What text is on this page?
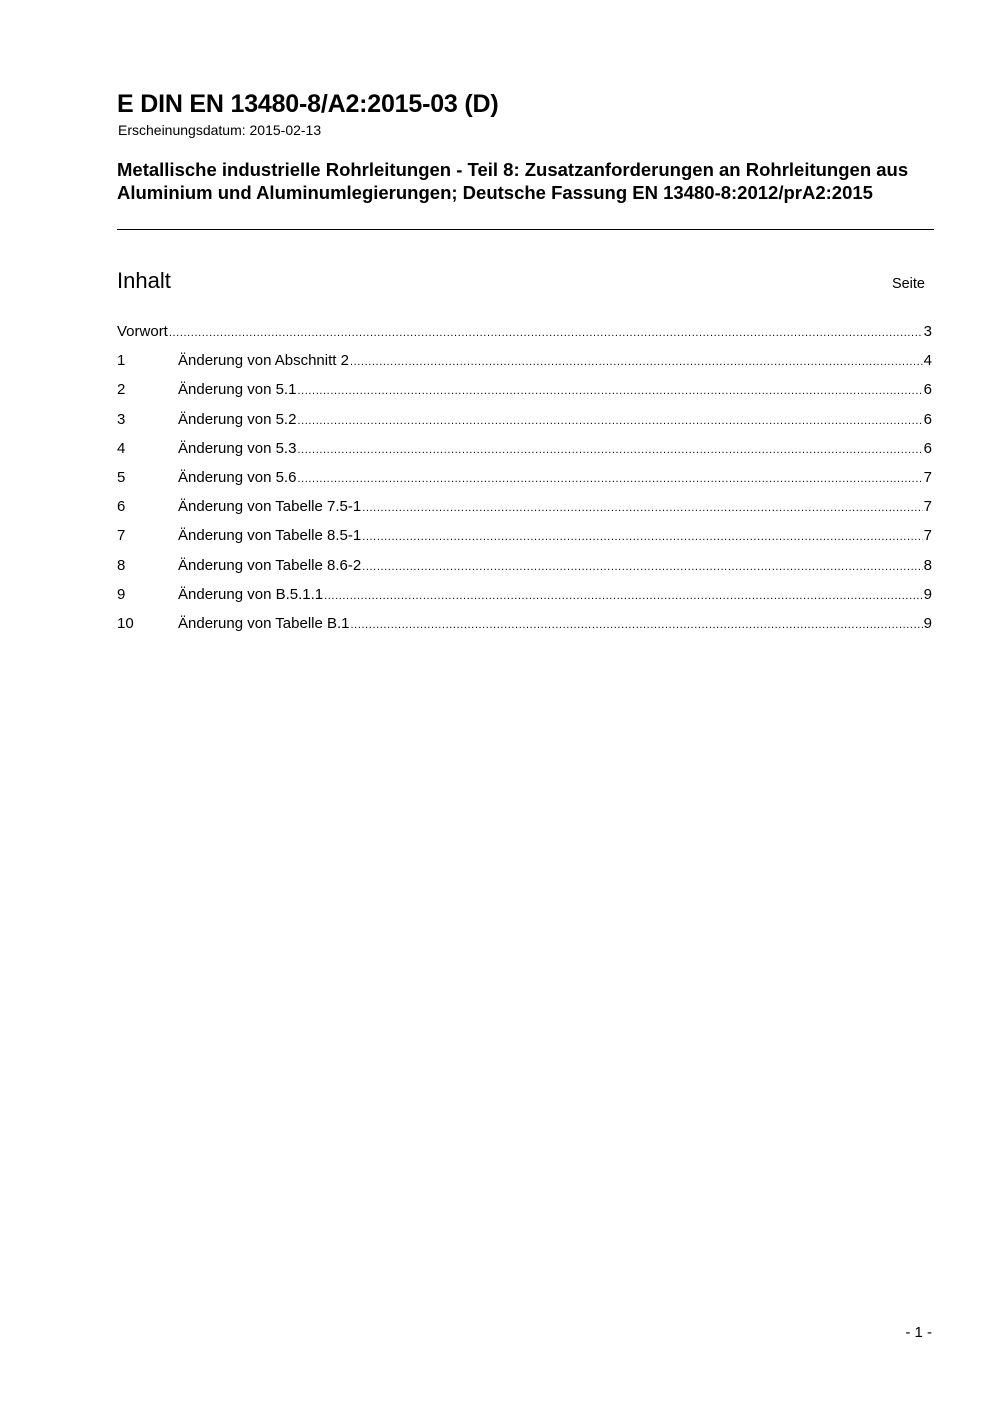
E DIN EN 13480-8/A2:2015-03 (D)
Erscheinungsdatum: 2015-02-13
Metallische industrielle Rohrleitungen - Teil 8: Zusatzanforderungen an Rohrleitungen aus Aluminium und Aluminumlegierungen; Deutsche Fassung EN 13480-8:2012/prA2:2015
Inhalt	Seite
Vorwort .....	3
1	Änderung von Abschnitt 2 .....	4
2	Änderung von 5.1 .....	6
3	Änderung von 5.2 .....	6
4	Änderung von 5.3 .....	6
5	Änderung von 5.6 .....	7
6	Änderung von Tabelle 7.5-1 .....	7
7	Änderung von Tabelle 8.5-1 .....	7
8	Änderung von Tabelle 8.6-2 .....	8
9	Änderung von B.5.1.1 .....	9
10	Änderung von Tabelle B.1 .....	9
- 1 -
